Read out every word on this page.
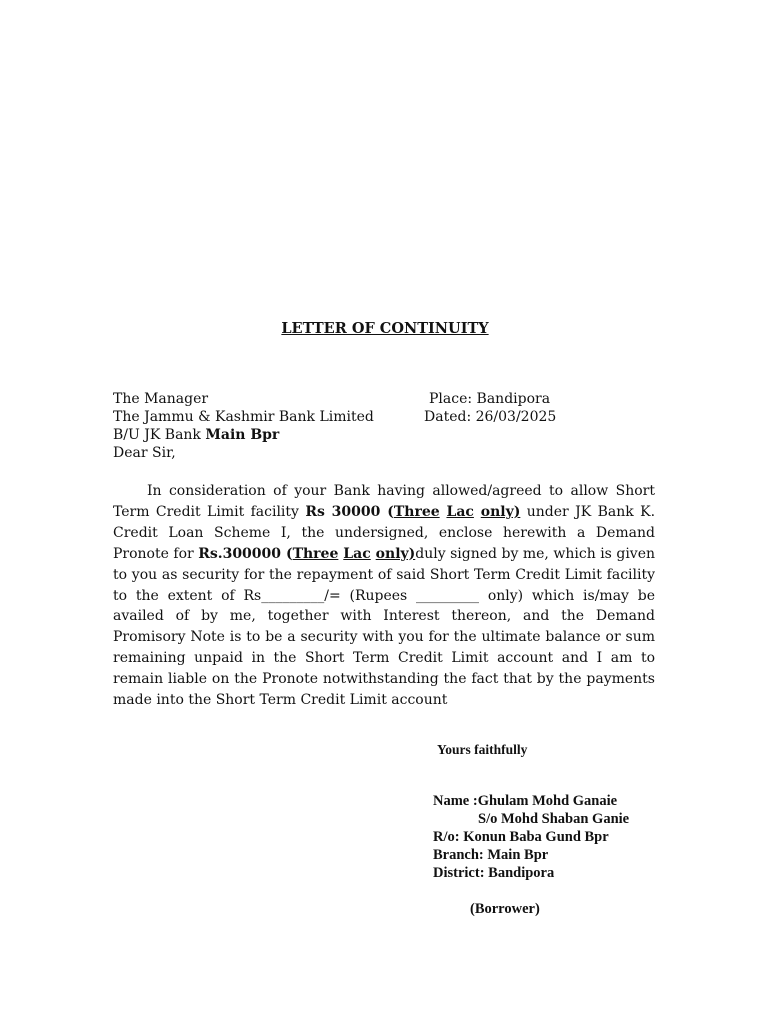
LETTER OF CONTINUITY
The Manager
The Jammu & Kashmir Bank Limited
B/U JK Bank Main Bpr
Dear Sir,
Place: Bandipora
Dated: 26/03/2025
In consideration of your Bank having allowed/agreed to allow Short Term Credit Limit facility Rs 30000 (Three Lac only) under JK Bank K. Credit Loan Scheme I, the undersigned, enclose herewith a Demand Pronote for Rs.300000 (Three Lac only)duly signed by me, which is given to you as security for the repayment of said Short Term Credit Limit facility to the extent of Rs_________/= (Rupees _________ only) which is/may be availed of by me, together with Interest thereon, and the Demand Promisory Note is to be a security with you for the ultimate balance or sum remaining unpaid in the Short Term Credit Limit account and I am to remain liable on the Pronote notwithstanding the fact that by the payments made into the Short Term Credit Limit account
Yours faithfully
Name :Ghulam Mohd Ganaie
S/o Mohd Shaban Ganie
R/o: Konun Baba Gund Bpr
Branch: Main Bpr
District: Bandipora
(Borrower)
